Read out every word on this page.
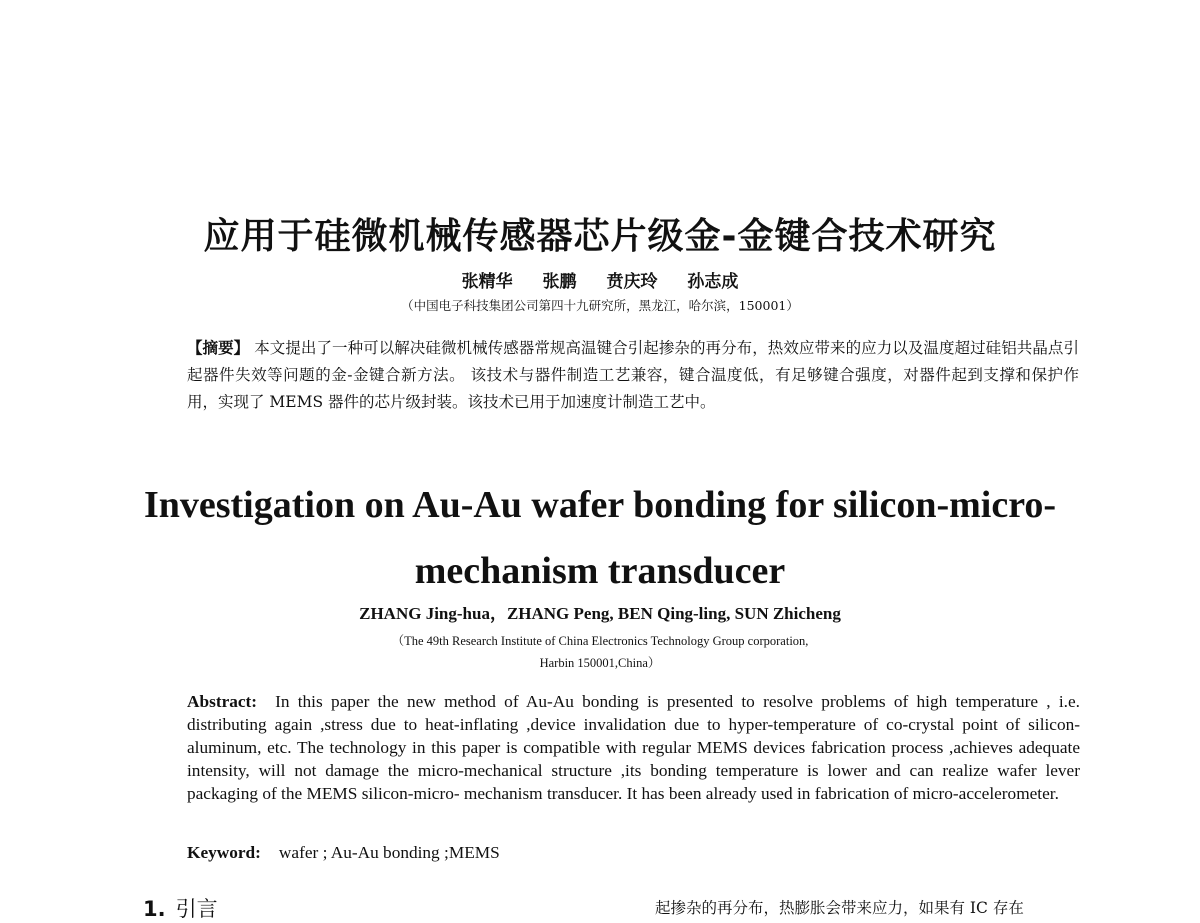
应用于硅微机械传感器芯片级金-金键合技术研究
张精华 张鹏 贲庆玲 孙志成
（中国电子科技集团公司第四十九研究所，黑龙江，哈尔滨，150001）
【摘要】 本文提出了一种可以解决硅微机械传感器常规高温键合引起掺杂的再分布，热效应带来的应力以及温度超过硅铝共晶点引起器件失效等问题的金-金键合新方法。 该技术与器件制造工艺兼容，键合温度低，有足够键合强度，对器件起到支撑和保护作用，实现了 MEMS 器件的芯片级封装。该技术已用于加速度计制造工艺中。
Investigation on Au-Au wafer bonding for silicon-micro-
mechanism transducer
ZHANG Jing-hua，ZHANG Peng, BEN Qing-ling, SUN Zhicheng
（The 49th Research Institute of China Electronics Technology Group corporation,
Harbin 150001,China）
Abstract: In this paper the new method of Au-Au bonding is presented to resolve problems of high temperature , i.e. distributing again ,stress due to heat-inflating ,device invalidation due to hyper-temperature of co-crystal point of silicon-aluminum, etc. The technology in this paper is compatible with regular MEMS devices fabrication process ,achieves adequate intensity, will not damage the micro-mechanical structure ,its bonding temperature is lower and can realize wafer lever packaging of the MEMS silicon-micro- mechanism transducer. It has been already used in fabrication of micro-accelerometer.
Keyword: wafer ; Au-Au bonding ;MEMS
1. 引言	起掺杂的再分布，热膨胀会带来应力，如果有 IC 存在
